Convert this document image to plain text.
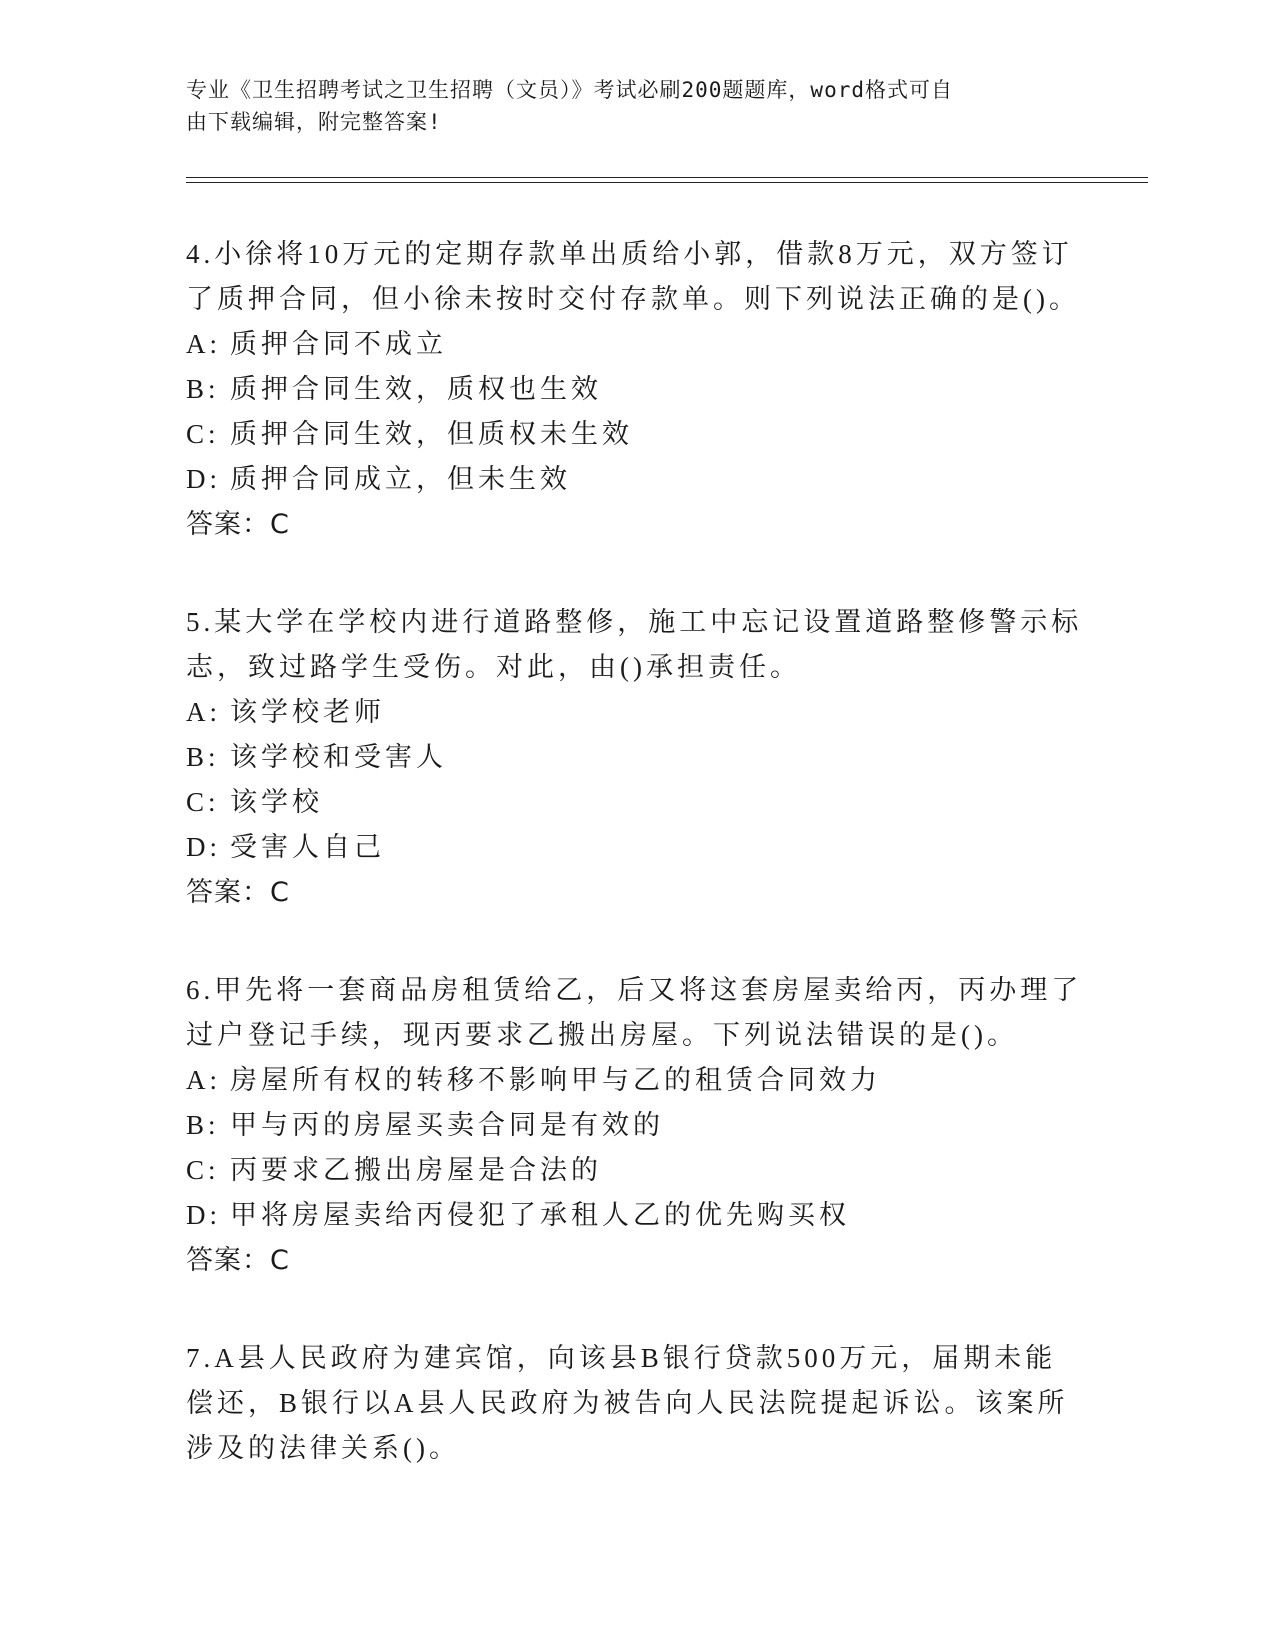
专业《卫生招聘考试之卫生招聘（文员）》考试必刷200题题库，word格式可自
由下载编辑，附完整答案!

4.小徐将10万元的定期存款单出质给小郭，借款8万元，双方签订了质押合同，但小徐未按时交付存款单。则下列说法正确的是()。

A: 质押合同不成立

B: 质押合同生效，质权也生效

C: 质押合同生效，但质权未生效

D: 质押合同成立，但未生效

答案：C

5.某大学在学校内进行道路整修，施工中忘记设置道路整修警示标志，致过路学生受伤。对此，由()承担责任。

A: 该学校老师

B: 该学校和受害人

C: 该学校

D: 受害人自己

答案：C

6.甲先将一套商品房租赁给乙，后又将这套房屋卖给丙，丙办理了过户登记手续，现丙要求乙搬出房屋。下列说法错误的是()。

A: 房屋所有权的转移不影响甲与乙的租赁合同效力

B: 甲与丙的房屋买卖合同是有效的

C: 丙要求乙搬出房屋是合法的

D: 甲将房屋卖给丙侵犯了承租人乙的优先购买权

答案：C

7.A县人民政府为建宾馆，向该县B银行贷款500万元，届期未能偿还，B银行以A县人民政府为被告向人民法院提起诉讼。该案所涉及的法律关系()。
